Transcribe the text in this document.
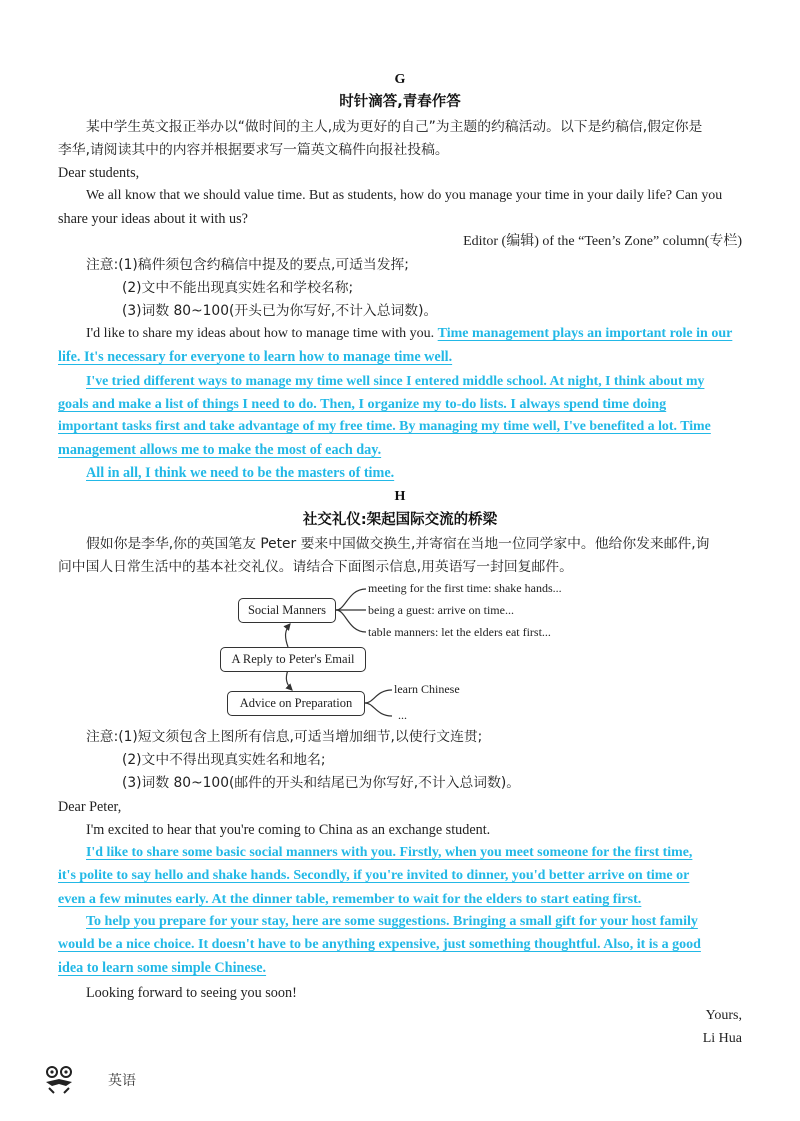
G
时针滴答,青春作答
某中学生英文报正举办以“做时间的主人,成为更好的自己”为主题的约稿活动。以下是约稿信,假定你是
李华,请阅读其中的内容并根据要求写一篇英文稿件向报社投稿。
Dear students,
We all know that we should value time. But as students, how do you manage your time in your daily life? Can you
share your ideas about it with us?
Editor (编辑) of the “Teen’s Zone” column(专栏)
注意:(1)稿件须包含约稿信中提及的要点,可适当发挥;
(2)文中不能出现真实姓名和学校名称;
(3)词数 80~100(开头已为你写好,不计入总词数)。
I'd like to share my ideas about how to manage time with you. Time management plays an important role in our
life. It's necessary for everyone to learn how to manage time well.
I've tried different ways to manage my time well since I entered middle school. At night, I think about my
goals and make a list of things I need to do. Then, I organize my to-do lists. I always spend time doing
important tasks first and take advantage of my free time. By managing my time well, I've benefited a lot. Time
management allows me to make the most of each day.
All in all, I think we need to be the masters of time.
H
社交礼仪:架起国际交流的桥梁
假如你是李华,你的英国笔友 Peter 要来中国做交换生,并寄宿在当地一位同学家中。他给你发来邮件,询
问中国人日常生活中的基本社交礼仪。请结合下面图示信息,用英语写一封回复邮件。
Social Manners
A Reply to Peter's Email
Advice on Preparation
meeting for the first time: shake hands...
being a guest: arrive on time...
table manners: let the elders eat first...
learn Chinese
...
注意:(1)短文须包含上图所有信息,可适当增加细节,以使行文连贯;
(2)文中不得出现真实姓名和地名;
(3)词数 80~100(邮件的开头和结尾已为你写好,不计入总词数)。
Dear Peter,
I'm excited to hear that you're coming to China as an exchange student.
I'd like to share some basic social manners with you. Firstly, when you meet someone for the first time,
it's polite to say hello and shake hands. Secondly, if you're invited to dinner, you'd better arrive on time or
even a few minutes early. At the dinner table, remember to wait for the elders to start eating first.
To help you prepare for your stay, here are some suggestions. Bringing a small gift for your host family
would be a nice choice. It doesn't have to be anything expensive, just something thoughtful. Also, it is a good
idea to learn some simple Chinese.
Looking forward to seeing you soon!
Yours,
Li Hua
英语
